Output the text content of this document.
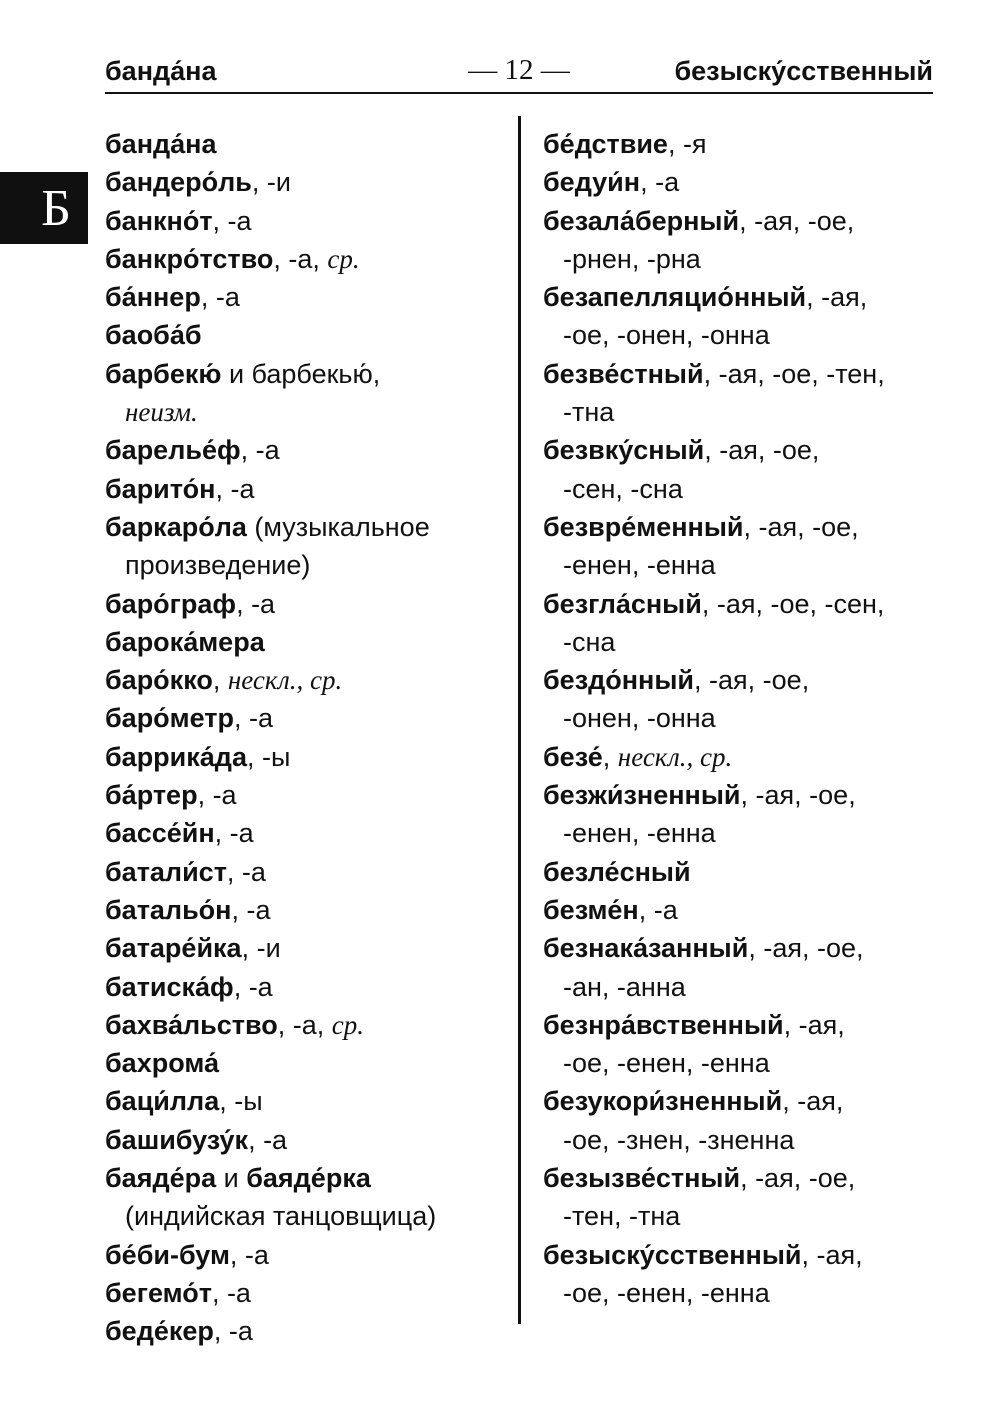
банда́на	— 12 —	безыску́сственный
Б
банда́на
бандеро́ль, -и
банкно́т, -а
банкро́тство, -а, ср.
ба́ннер, -а
баоба́б
барбекю́ и барбекью́,
неизм.
барелье́ф, -а
барито́н, -а
баркаро́ла (музыкальное
произведение)
баро́граф, -а
барока́мера
баро́кко, нескл., ср.
баро́метр, -а
баррика́да, -ы
ба́ртер, -а
бассе́йн, -а
батали́ст, -а
батальо́н, -а
батаре́йка, -и
батиска́ф, -а
бахва́льство, -а, ср.
бахрома́
баци́лла, -ы
башибузу́к, -а
баяде́ра и баяде́рка
(индийская танцовщица)
бе́би-бум, -а
бегемо́т, -а
беде́кер, -а
бе́дствие, -я
бедуи́н, -а
безала́берный, -ая, -ое,
-рнен, -рна
безапелляцио́нный, -ая,
-ое, -онен, -онна
безве́стный, -ая, -ое, -тен,
-тна
безвку́сный, -ая, -ое,
-сен, -сна
безвре́менный, -ая, -ое,
-енен, -енна
безгла́сный, -ая, -ое, -сен,
-сна
бездо́нный, -ая, -ое,
-онен, -онна
безе́, нескл., ср.
безжи́зненный, -ая, -ое,
-енен, -енна
безле́сный
безме́н, -а
безнака́занный, -ая, -ое,
-ан, -анна
безнра́вственный, -ая,
-ое, -енен, -енна
безукори́зненный, -ая,
-ое, -знен, -зненна
безызве́стный, -ая, -ое,
-тен, -тна
безыску́сственный, -ая,
-ое, -енен, -енна
